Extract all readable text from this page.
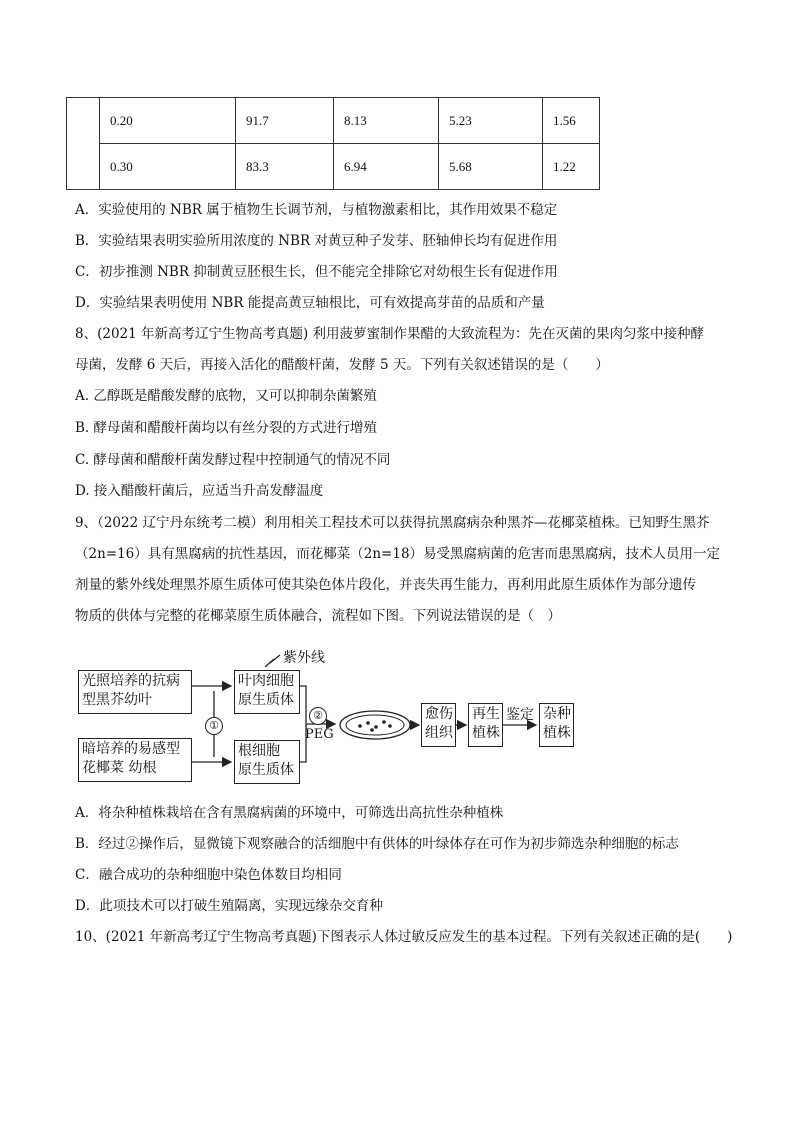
	0.20	91.7	8.13	5.23	1.56
	0.30	83.3	6.94	5.68	1.22
A．实验使用的 NBR 属于植物生长调节剂，与植物激素相比，其作用效果不稳定
B．实验结果表明实验所用浓度的 NBR 对黄豆种子发芽、胚轴伸长均有促进作用
C．初步推测 NBR 抑制黄豆胚根生长，但不能完全排除它对幼根生长有促进作用
D．实验结果表明使用 NBR 能提高黄豆轴根比，可有效提高芽苗的品质和产量
8、(2021 年新高考辽宁生物高考真题) 利用菠萝蜜制作果醋的大致流程为：先在灭菌的果肉匀浆中接种酵
母菌，发酵 6 天后，再接入活化的醋酸杆菌，发酵 5 天。下列有关叙述错误的是（　　）
A. 乙醇既是醋酸发酵的底物，又可以抑制杂菌繁殖
B. 酵母菌和醋酸杆菌均以有丝分裂的方式进行增殖
C. 酵母菌和醋酸杆菌发酵过程中控制通气的情况不同
D. 接入醋酸杆菌后，应适当升高发酵温度
9、（2022 辽宁丹东统考二模）利用相关工程技术可以获得抗黑腐病杂种黑芥—花椰菜植株。已知野生黑芥
（2n=16）具有黑腐病的抗性基因，而花椰菜（2n=18）易受黑腐病菌的危害而患黑腐病，技术人员用一定
剂量的紫外线处理黑芥原生质体可使其染色体片段化，并丧失再生能力，再利用此原生质体作为部分遗传
物质的供体与完整的花椰菜原生质体融合，流程如下图。下列说法错误的是（　）
光照培养的抗病
型黑芥幼叶
暗培养的易感型
花椰菜 幼根
叶肉细胞
原生质体
根细胞
原生质体
紫外线
①
②
PEG
愈伤
组织
再生
植株
鉴定 杂种
植株
A．将杂种植株栽培在含有黑腐病菌的环境中，可筛选出高抗性杂种植株
B．经过②操作后，显微镜下观察融合的活细胞中有供体的叶绿体存在可作为初步筛选杂种细胞的标志
C．融合成功的杂种细胞中染色体数目均相同
D．此项技术可以打破生殖隔离，实现远缘杂交育种
10、(2021 年新高考辽宁生物高考真题)下图表示人体过敏反应发生的基本过程。下列有关叙述正确的是(　　)
